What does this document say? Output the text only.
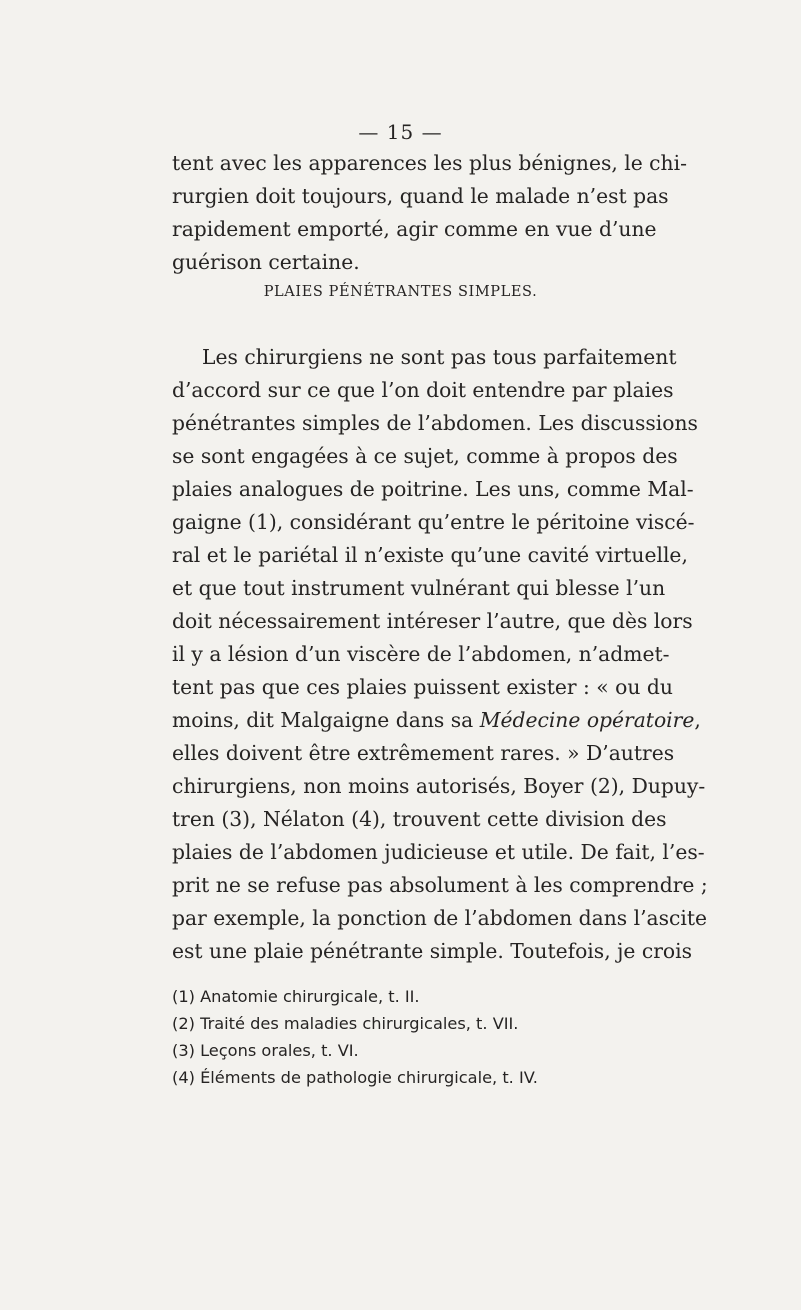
— 15 —
tent avec les apparences les plus bénignes, le chi-
rurgien doit toujours, quand le malade n’est pas
rapidement emporté, agir comme en vue d’une
guérison certaine.
PLAIES PÉNÉTRANTES SIMPLES.
Les chirurgiens ne sont pas tous parfaitement
d’accord sur ce que l’on doit entendre par plaies
pénétrantes simples de l’abdomen. Les discussions
se sont engagées à ce sujet, comme à propos des
plaies analogues de poitrine. Les uns, comme Mal-
gaigne (1), considérant qu’entre le péritoine viscé-
ral et le pariétal il n’existe qu’une cavité virtuelle,
et que tout instrument vulnérant qui blesse l’un
doit nécessairement intéreser l’autre, que dès lors
il y a lésion d’un viscère de l’abdomen, n’admet-
tent pas que ces plaies puissent exister : « ou du
moins, dit Malgaigne dans sa Médecine opératoire,
elles doivent être extrêmement rares. » D’autres
chirurgiens, non moins autorisés, Boyer (2), Dupuy-
tren (3), Nélaton (4), trouvent cette division des
plaies de l’abdomen judicieuse et utile. De fait, l’es-
prit ne se refuse pas absolument à les comprendre ;
par exemple, la ponction de l’abdomen dans l’ascite
est une plaie pénétrante simple. Toutefois, je crois
(1) Anatomie chirurgicale, t. II.
(2) Traité des maladies chirurgicales, t. VII.
(3) Leçons orales, t. VI.
(4) Éléments de pathologie chirurgicale, t. IV.
